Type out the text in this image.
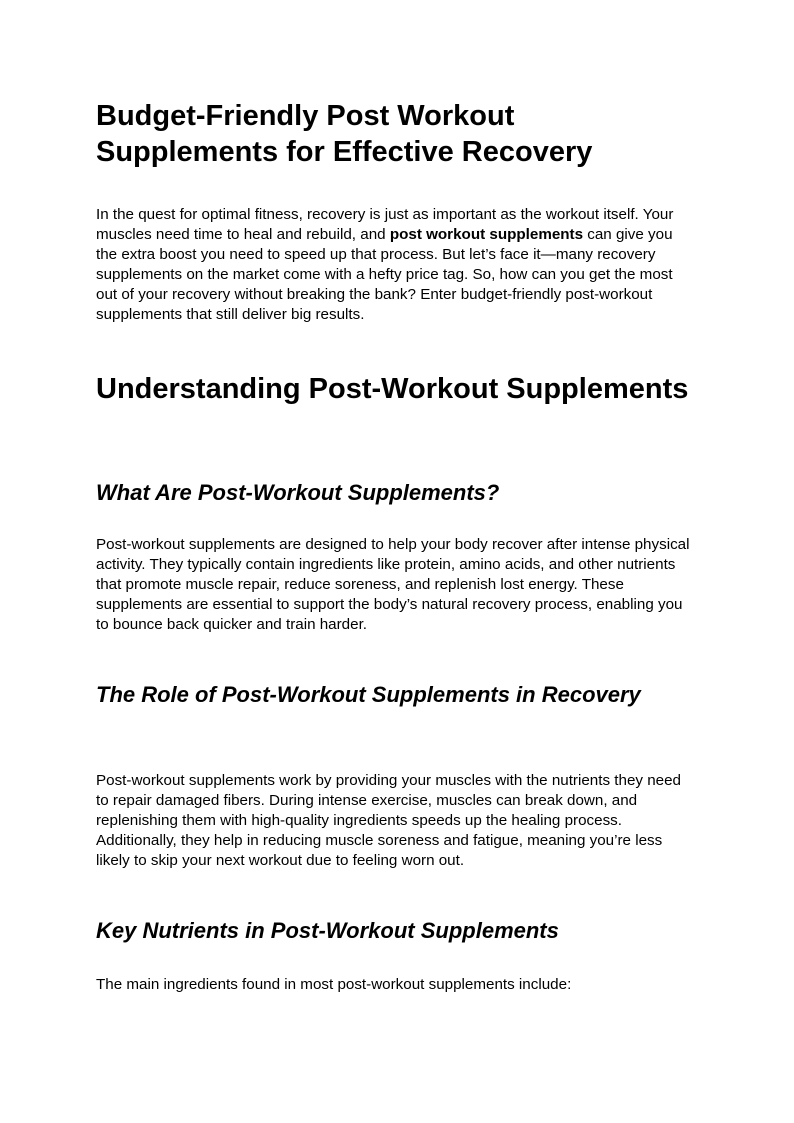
Budget-Friendly Post Workout Supplements for Effective Recovery

In the quest for optimal fitness, recovery is just as important as the workout itself. Your muscles need time to heal and rebuild, and post workout supplements can give you the extra boost you need to speed up that process. But let’s face it—many recovery supplements on the market come with a hefty price tag. So, how can you get the most out of your recovery without breaking the bank? Enter budget-friendly post-workout supplements that still deliver big results.

Understanding Post-Workout Supplements
What Are Post-Workout Supplements?

Post-workout supplements are designed to help your body recover after intense physical activity. They typically contain ingredients like protein, amino acids, and other nutrients that promote muscle repair, reduce soreness, and replenish lost energy. These supplements are essential to support the body’s natural recovery process, enabling you to bounce back quicker and train harder.

The Role of Post-Workout Supplements in Recovery

Post-workout supplements work by providing your muscles with the nutrients they need to repair damaged fibers. During intense exercise, muscles can break down, and replenishing them with high-quality ingredients speeds up the healing process. Additionally, they help in reducing muscle soreness and fatigue, meaning you’re less likely to skip your next workout due to feeling worn out.

Key Nutrients in Post-Workout Supplements

The main ingredients found in most post-workout supplements include:
